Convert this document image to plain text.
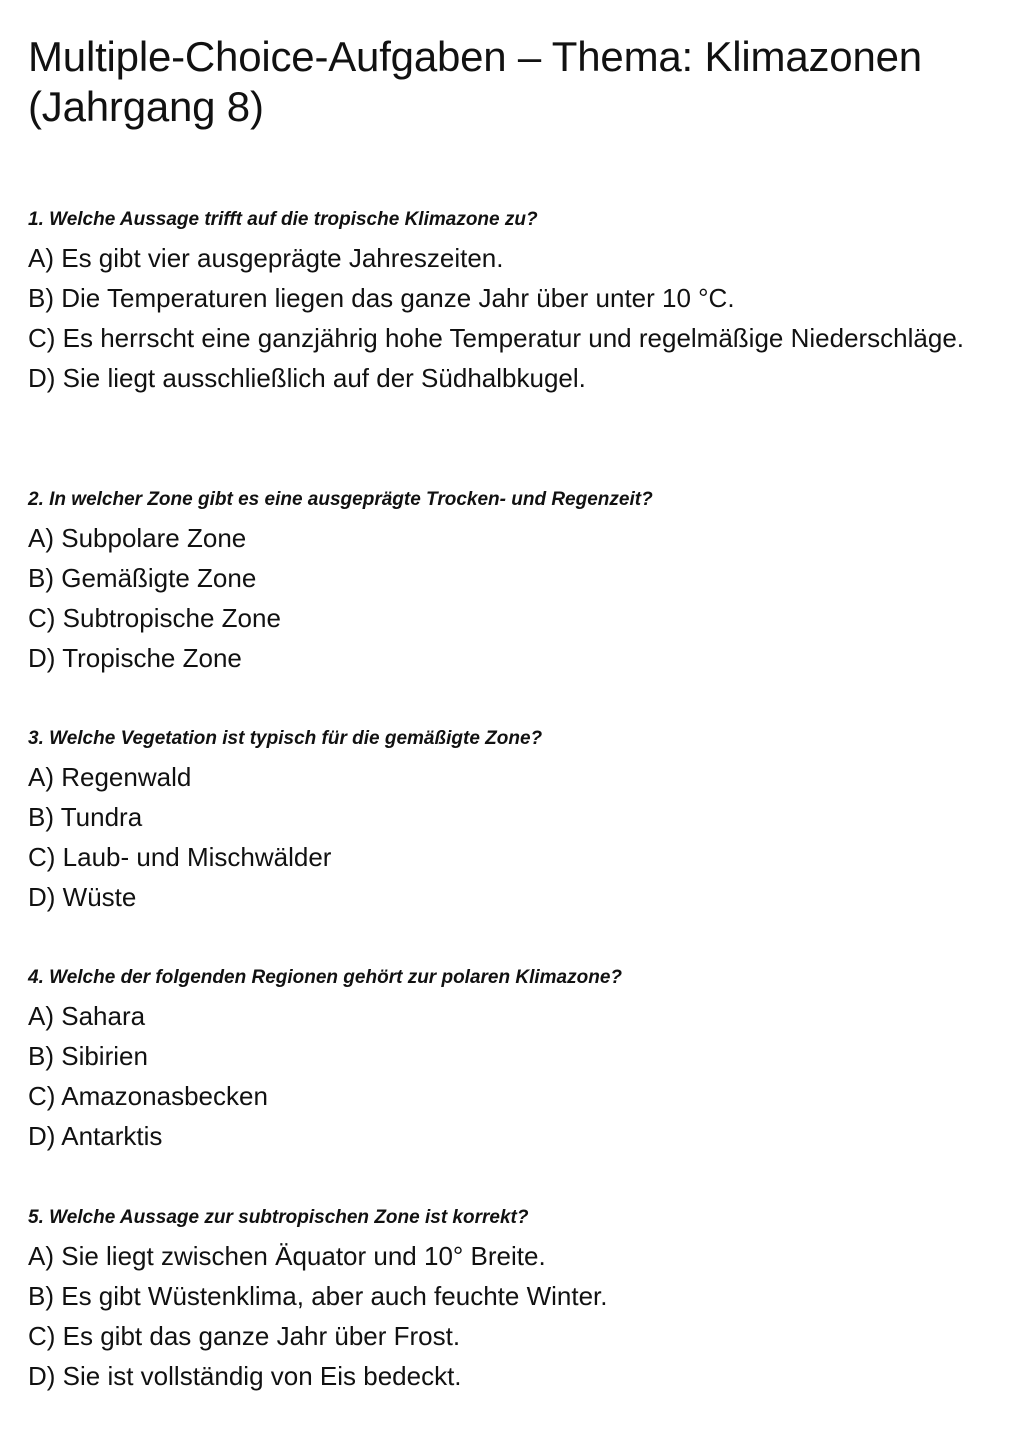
Multiple-Choice-Aufgaben – Thema: Klimazonen (Jahrgang 8)

1. Welche Aussage trifft auf die tropische Klimazone zu?

A) Es gibt vier ausgeprägte Jahreszeiten.

B) Die Temperaturen liegen das ganze Jahr über unter 10 °C.

C) Es herrscht eine ganzjährig hohe Temperatur und regelmäßige Niederschläge.

D) Sie liegt ausschließlich auf der Südhalbkugel.

2. In welcher Zone gibt es eine ausgeprägte Trocken- und Regenzeit?

A) Subpolare Zone

B) Gemäßigte Zone

C) Subtropische Zone

D) Tropische Zone

3. Welche Vegetation ist typisch für die gemäßigte Zone?

A) Regenwald

B) Tundra

C) Laub- und Mischwälder

D) Wüste

4. Welche der folgenden Regionen gehört zur polaren Klimazone?

A) Sahara

B) Sibirien

C) Amazonasbecken

D) Antarktis

5. Welche Aussage zur subtropischen Zone ist korrekt?

A) Sie liegt zwischen Äquator und 10° Breite.

B) Es gibt Wüstenklima, aber auch feuchte Winter.

C) Es gibt das ganze Jahr über Frost.

D) Sie ist vollständig von Eis bedeckt.
